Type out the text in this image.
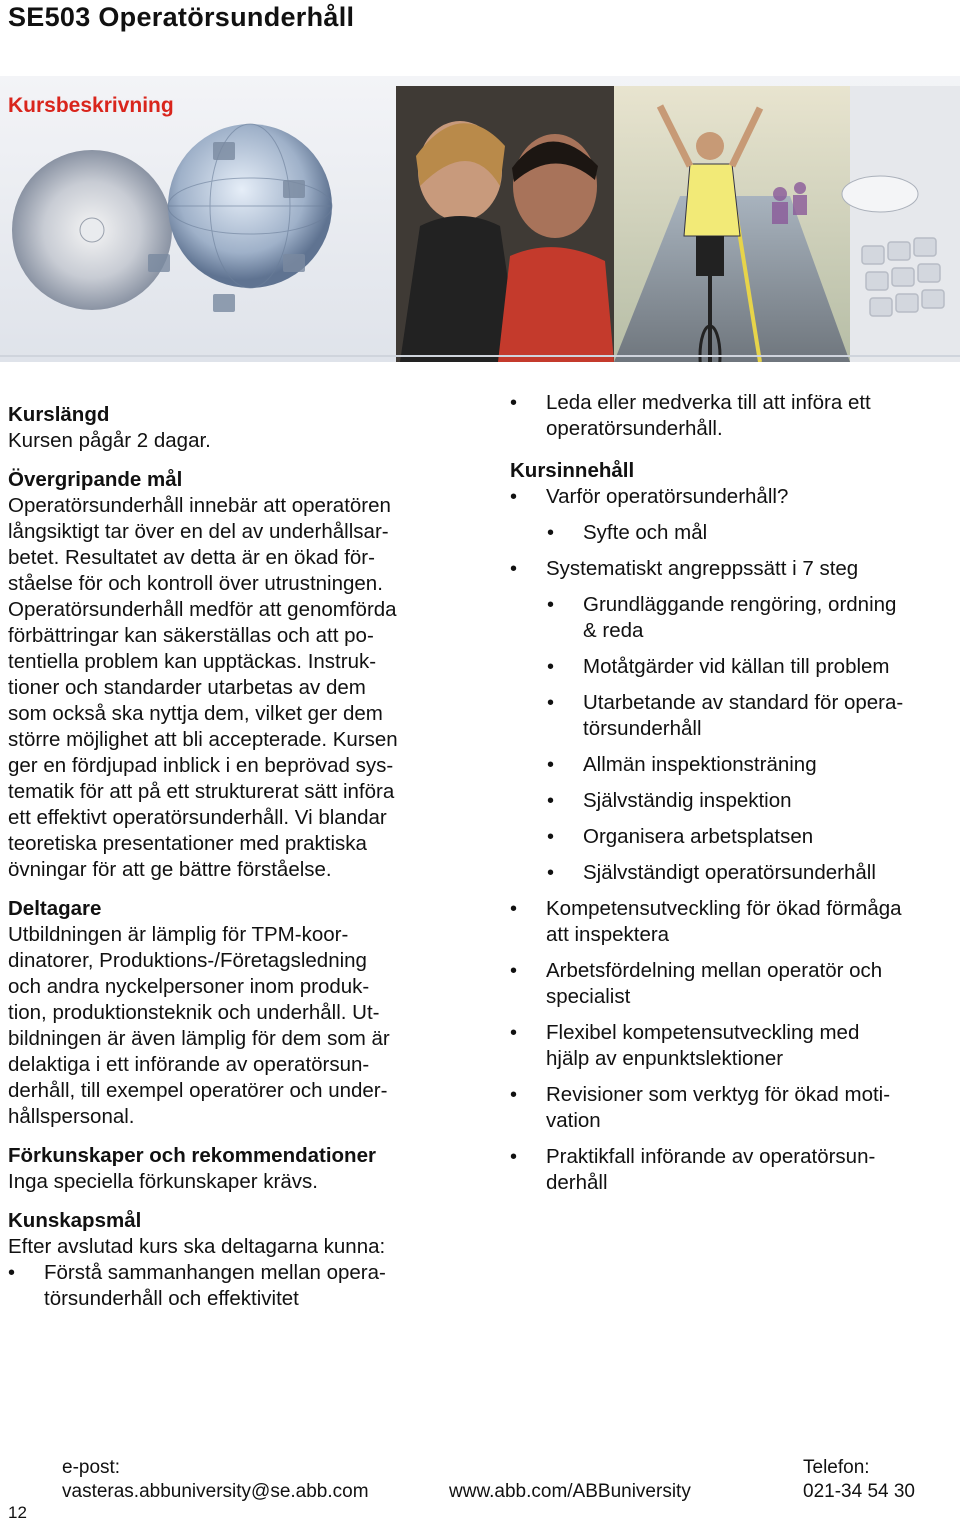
SE503 Operatörsunderhåll
Kursbeskrivning
Kurslängd

Kursen pågår 2 dagar.

Övergripande mål

Operatörsunderhåll innebär att operatören

långsiktigt tar över en del av underhållsar-

betet. Resultatet av detta är en ökad för-

ståelse för och kontroll över utrustningen.

Operatörsunderhåll medför att genomförda

förbättringar kan säkerställas och att po-

tentiella problem kan upptäckas. Instruk-

tioner och standarder utarbetas av dem

som också ska nyttja dem, vilket ger dem

större möjlighet att bli accepterade. Kursen

ger en fördjupad inblick i en beprövad sys-

tematik för att på ett strukturerat sätt införa

ett effektivt operatörsunderhåll. Vi blandar

teoretiska presentationer med praktiska

övningar för att ge bättre förståelse.

Deltagare

Utbildningen är lämplig för TPM-koor-

dinatorer, Produktions-/Företagsledning

och andra nyckelpersoner inom produk-

tion, produktionsteknik och underhåll. Ut-

bildningen är även lämplig för dem som är

delaktiga i ett införande av operatörsun-

derhåll, till exempel operatörer och under-

hållspersonal.

Förkunskaper och rekommendationer

Inga speciella förkunskaper krävs.

Kunskapsmål

Efter avslutad kurs ska deltagarna kunna:

• Förstå sammanhangen mellan opera-

törsunderhåll och effektivitet

• Leda eller medverka till att införa ett

operatörsunderhåll.

Kursinnehåll

• Varför operatörsunderhåll?

• Syfte och mål

• Systematiskt angreppssätt i 7 steg

• Grundläggande rengöring, ordning

& reda

• Motåtgärder vid källan till problem

• Utarbetande av standard för opera-

törsunderhåll

• Allmän inspektionsträning

• Självständig inspektion

• Organisera arbetsplatsen

• Självständigt operatörsunderhåll

• Kompetensutveckling för ökad förmåga

att inspektera

• Arbetsfördelning mellan operatör och

specialist

• Flexibel kompetensutveckling med

hjälp av enpunktslektioner

• Revisioner som verktyg för ökad moti-

vation

• Praktikfall införande av operatörsun-

derhåll

e-post:
vasteras.abbuniversity@se.abb.com	www.abb.com/ABBuniversity
Telefon:
021-34 54 30
12
